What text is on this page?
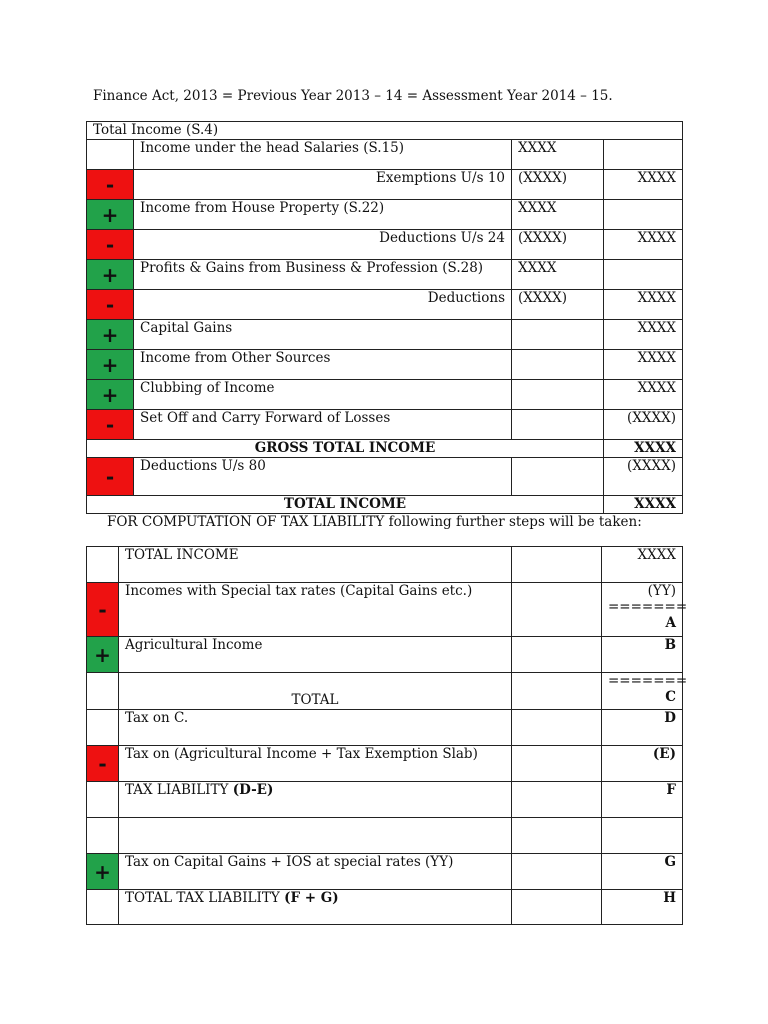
Finance Act, 2013 = Previous Year 2013 – 14 = Assessment Year 2014 – 15.
Total Income (S.4)			
	Income under the head Salaries (S.15)	XXXX	
-	Exemptions U/s 10	(XXXX)	XXXX
+	Income from House Property (S.22)	XXXX	
-	Deductions U/s 24	(XXXX)	XXXX
+	Profits & Gains from Business & Profession (S.28)	XXXX	
-	Deductions	(XXXX)	XXXX
+	Capital Gains		XXXX
+	Income from Other Sources		XXXX
+	Clubbing of Income		XXXX
-	Set Off and Carry Forward of Losses		(XXXX)
GROSS TOTAL INCOME			XXXX
-	Deductions U/s 80		(XXXX)
TOTAL INCOME			XXXX
FOR COMPUTATION OF TAX LIABILITY following further steps will be taken:
	TOTAL INCOME		XXXX
-	Incomes with Special tax rates (Capital Gains etc.)		(YY)
=======
A

+	Agricultural Income		B
	TOTAL		=======
C

	Tax on C.		D
-	Tax on (Agricultural Income + Tax Exemption Slab)		(E)
	TAX LIABILITY (D-E)		F

+	Tax on Capital Gains + IOS at special rates (YY)		G
	TOTAL TAX LIABILITY (F + G)		H
